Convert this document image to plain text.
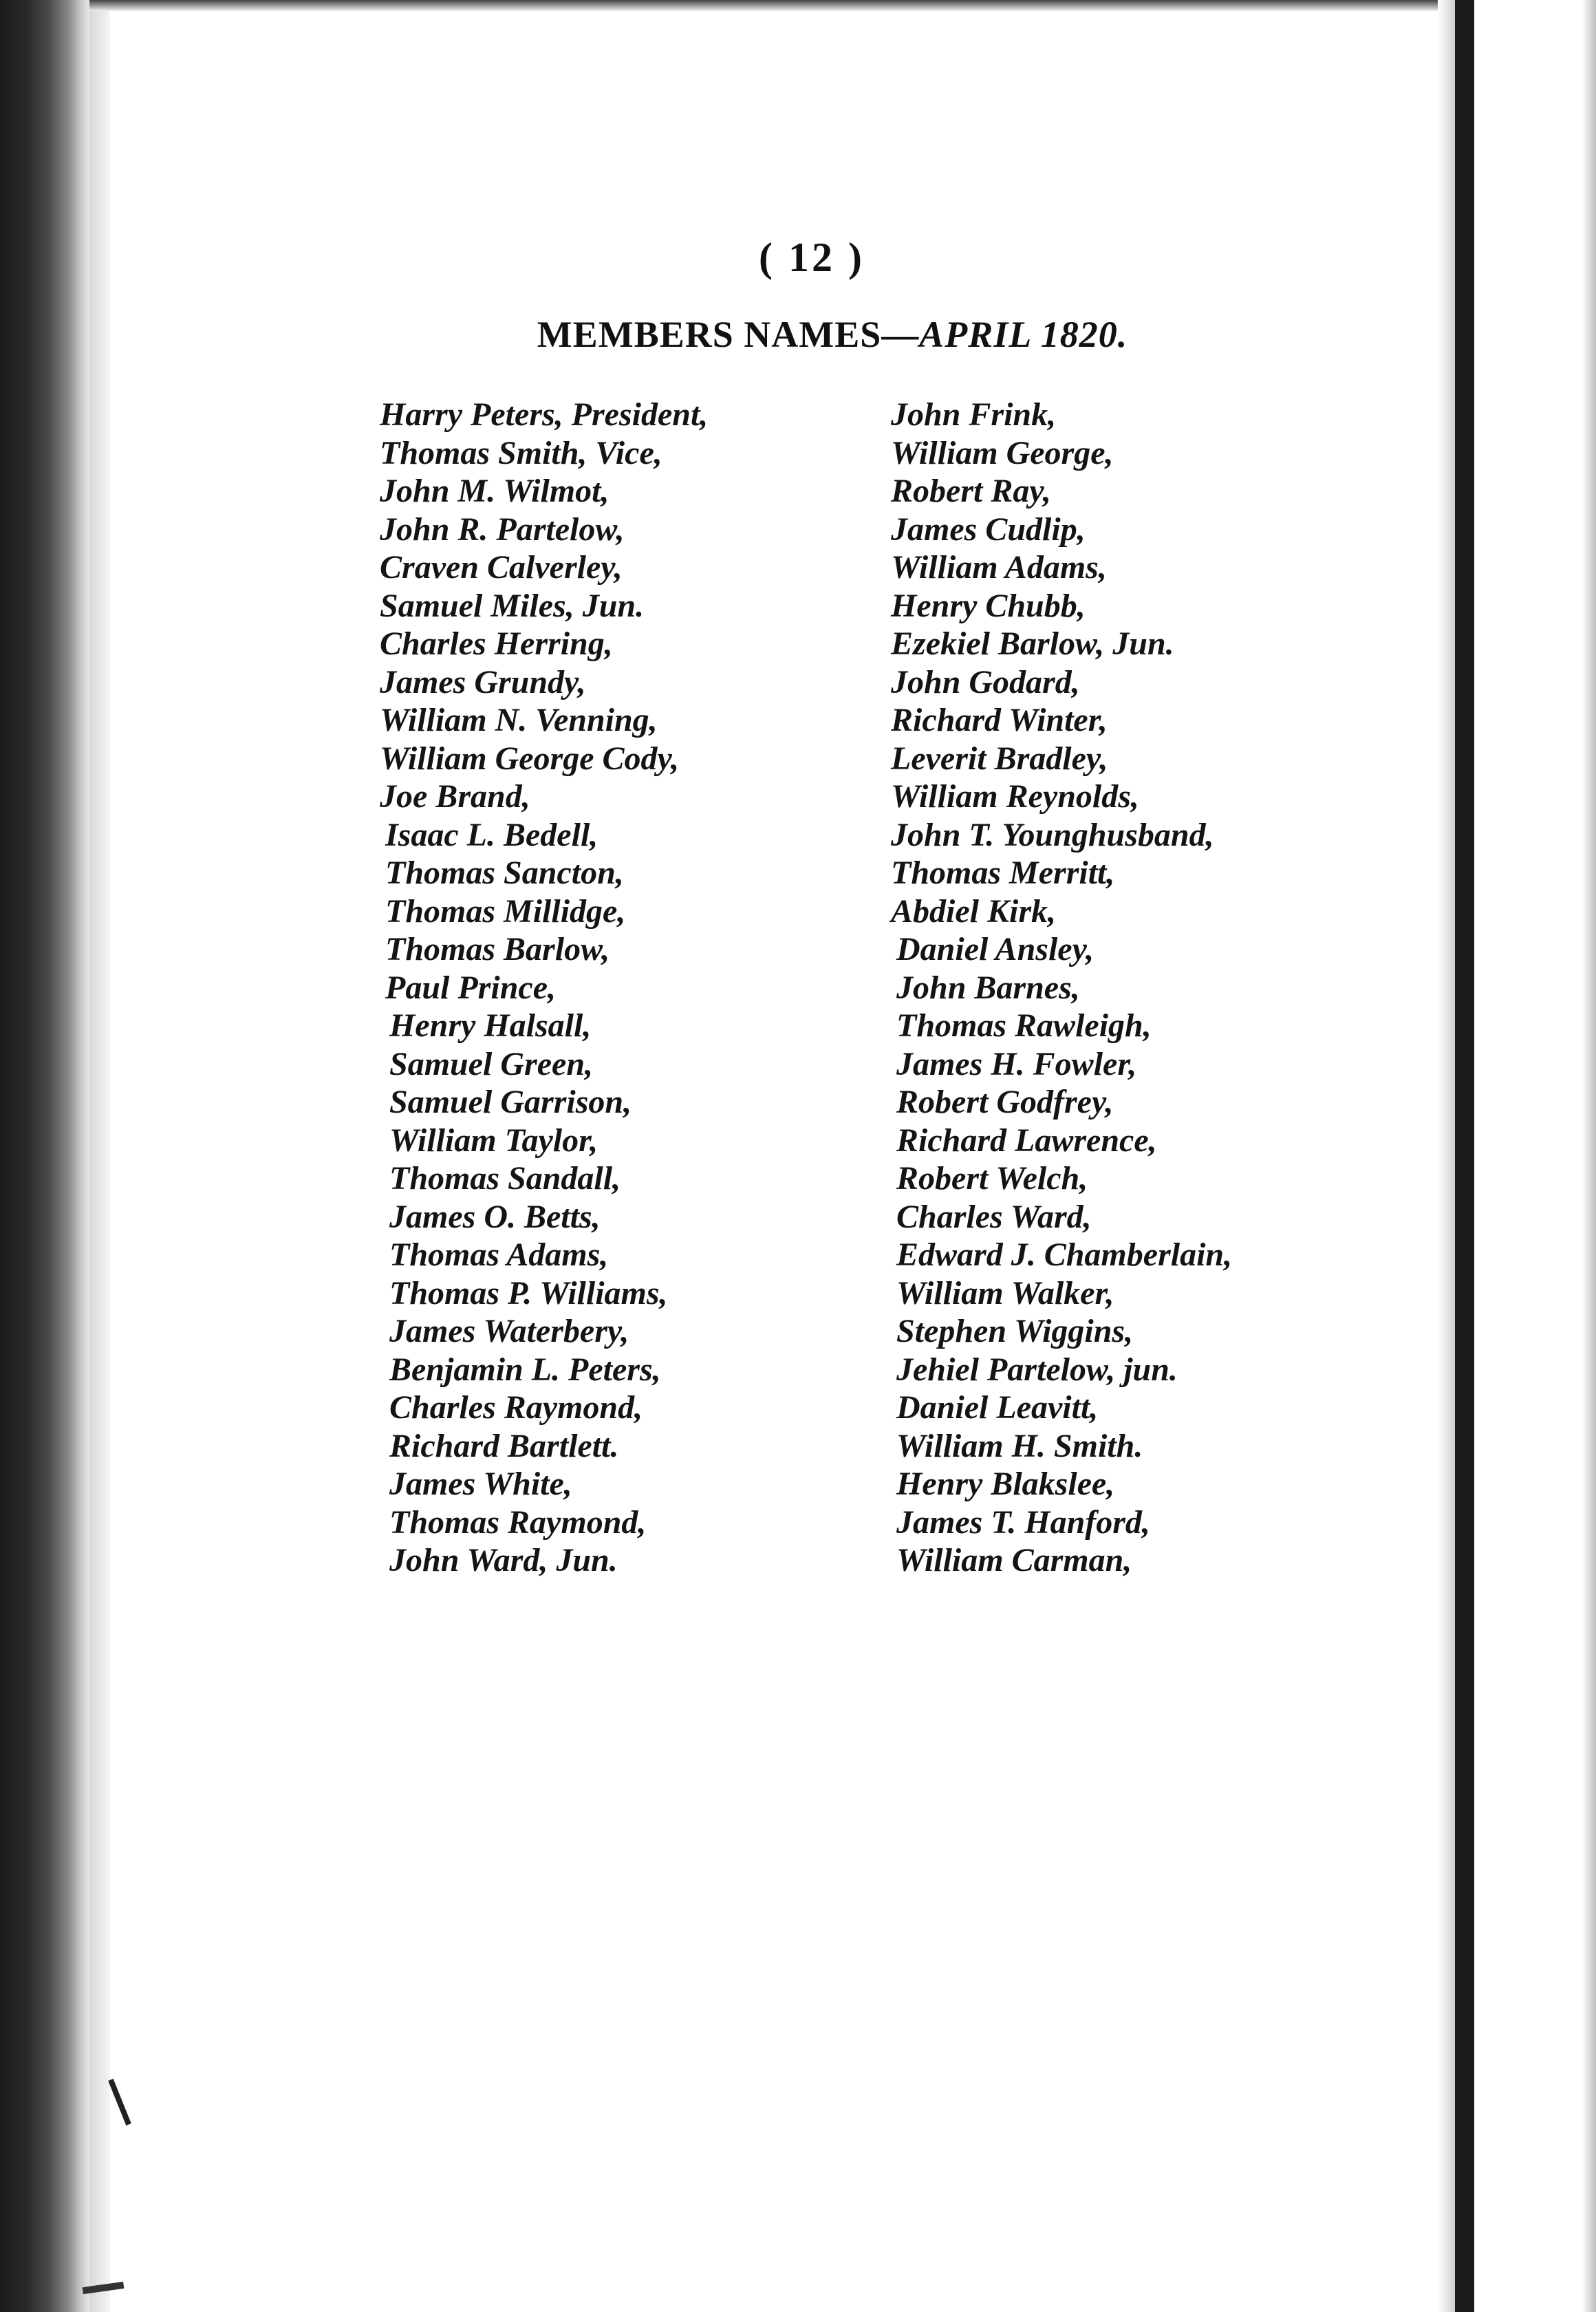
( 12 )
MEMBERS NAMES—APRIL 1820.
Harry Peters, President,
Thomas Smith, Vice,
John M. Wilmot,
John R. Partelow,
Craven Calverley,
Samuel Miles, Jun.
Charles Herring,
James Grundy,
William N. Venning,
William George Cody,
Joe Brand,
Isaac L. Bedell,
Thomas Sancton,
Thomas Millidge,
Thomas Barlow,
Paul Prince,
Henry Halsall,
Samuel Green,
Samuel Garrison,
William Taylor,
Thomas Sandall,
James O. Betts,
Thomas Adams,
Thomas P. Williams,
James Waterbery,
Benjamin L. Peters,
Charles Raymond,
Richard Bartlett.
James White,
Thomas Raymond,
John Ward, Jun.
John Frink,
William George,
Robert Ray,
James Cudlip,
William Adams,
Henry Chubb,
Ezekiel Barlow, Jun.
John Godard,
Richard Winter,
Leverit Bradley,
William Reynolds,
John T. Younghusband,
Thomas Merritt,
Abdiel Kirk,
Daniel Ansley,
John Barnes,
Thomas Rawleigh,
James H. Fowler,
Robert Godfrey,
Richard Lawrence,
Robert Welch,
Charles Ward,
Edward J. Chamberlain,
William Walker,
Stephen Wiggins,
Jehiel Partelow, jun.
Daniel Leavitt,
William H. Smith.
Henry Blakslee,
James T. Hanford,
William Carman,
